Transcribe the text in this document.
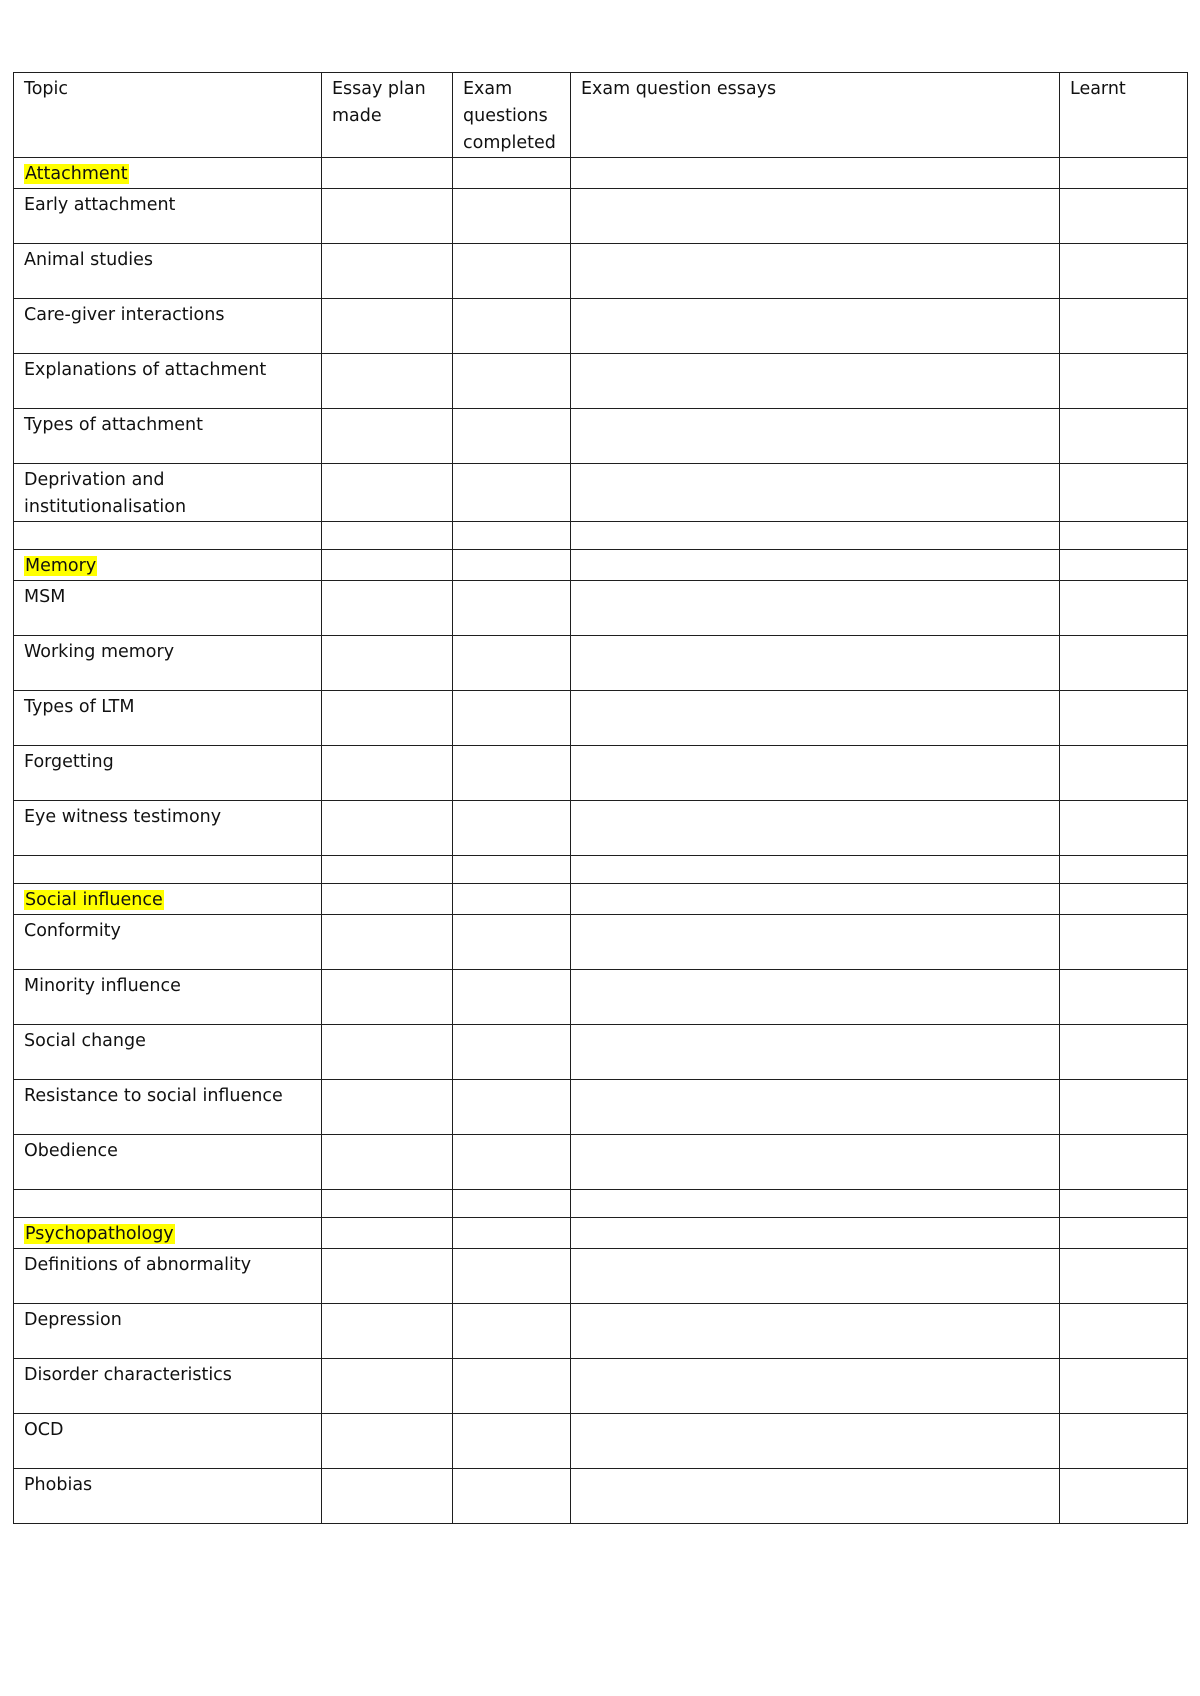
Topic	Essay plan made	Exam questions completed	Exam question essays	Learnt

Attachment				
Early attachment				
Animal studies				
Care-giver interactions				
Explanations of attachment				
Types of attachment				
Deprivation and institutionalisation				

Memory				
MSM				
Working memory				
Types of LTM				
Forgetting				
Eye witness testimony				

Social influence				
Conformity				
Minority influence				
Social change				
Resistance to social influence				
Obedience				

Psychopathology				
Definitions of abnormality				
Depression				
Disorder characteristics				
OCD				
Phobias				
